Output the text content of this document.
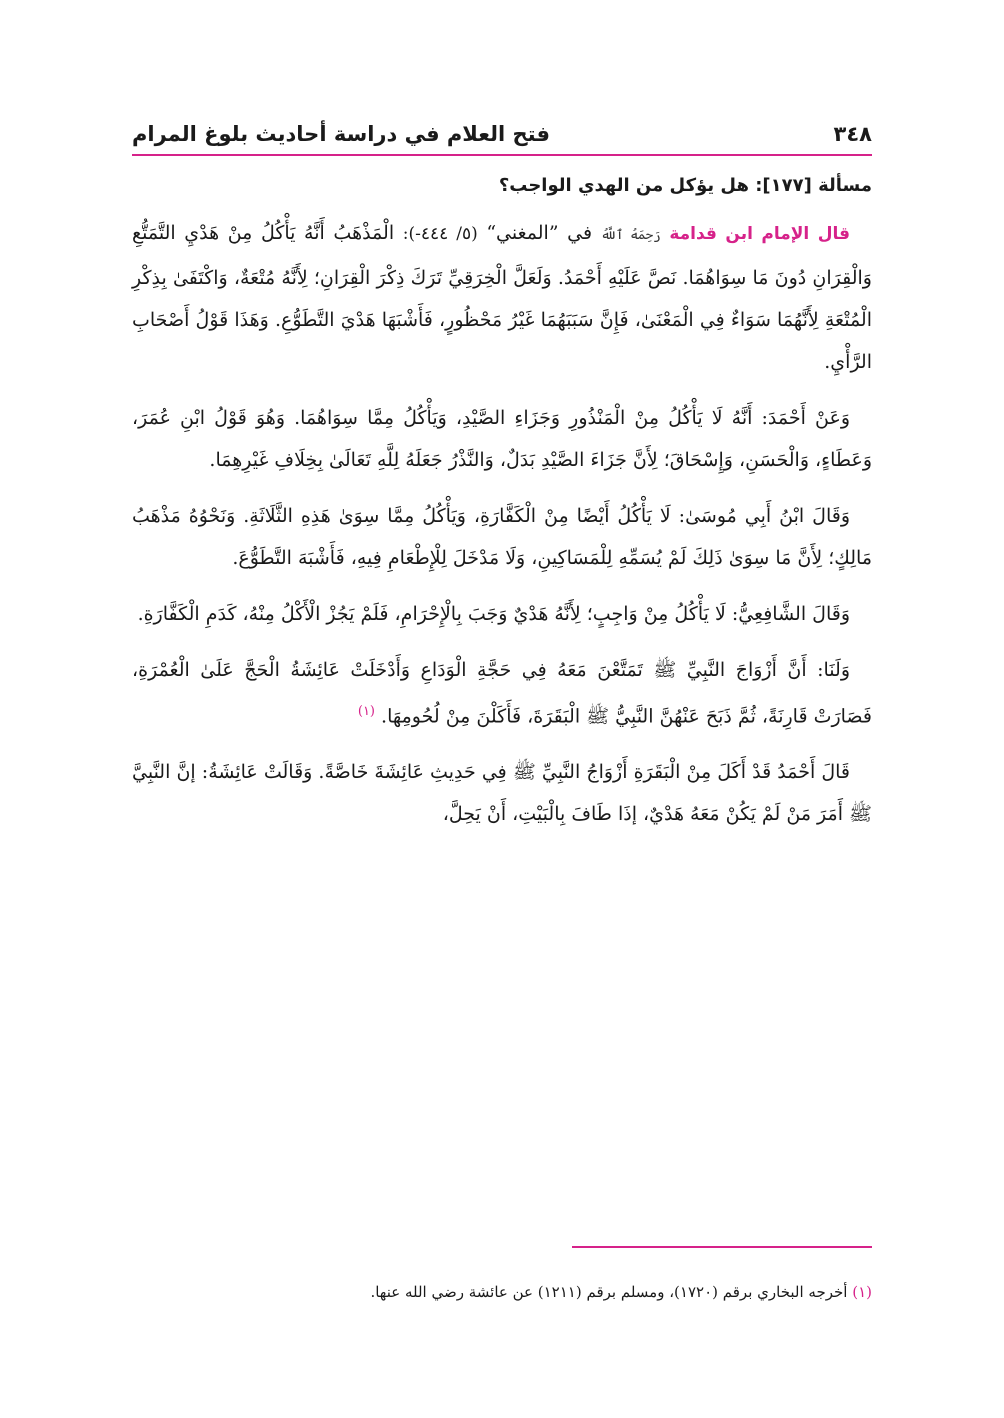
٣٤٨
فتح العلام في دراسة أحاديث بلوغ المرام
مسألة [١٧٧]: هل يؤكل من الهدي الواجب؟

قال الإمام ابن قدامة رَحِمَهُ ٱللَّهُ في ”المغني“ (٥/ ٤٤٤-): الْمَذْهَبُ أَنَّهُ يَأْكُلُ مِنْ هَدْيِ التَّمَتُّعِ وَالْقِرَانِ دُونَ مَا سِوَاهُمَا. نَصَّ عَلَيْهِ أَحْمَدُ. وَلَعَلَّ الْخِرَقِيِّ تَرَكَ ذِكْرَ الْقِرَانِ؛ لِأَنَّهُ مُتْعَةٌ، وَاكْتَفَىٰ بِذِكْرِ الْمُتْعَةِ لِأَنَّهُمَا سَوَاءٌ فِي الْمَعْنَىٰ، فَإِنَّ سَبَبَهُمَا غَيْرُ مَحْظُورٍ، فَأَشْبَهَا هَدْيَ التَّطَوُّعِ. وَهَذَا قَوْلُ أَصْحَابِ الرَّأْيِ.

وَعَنْ أَحْمَدَ: أَنَّهُ لَا يَأْكُلُ مِنْ الْمَنْذُورِ وَجَزَاءِ الصَّيْدِ، وَيَأْكُلُ مِمَّا سِوَاهُمَا. وَهُوَ قَوْلُ ابْنِ عُمَرَ، وَعَطَاءٍ، وَالْحَسَنِ، وَإِسْحَاقَ؛ لِأَنَّ جَزَاءَ الصَّيْدِ بَدَلٌ، وَالنَّذْرُ جَعَلَهُ لِلَّهِ تَعَالَىٰ بِخِلَافِ غَيْرِهِمَا.

وَقَالَ ابْنُ أَبِي مُوسَىٰ: لَا يَأْكُلُ أَيْضًا مِنْ الْكَفَّارَةِ، وَيَأْكُلُ مِمَّا سِوَىٰ هَذِهِ الثَّلَاثَةِ. وَنَحْوُهُ مَذْهَبُ مَالِكٍ؛ لِأَنَّ مَا سِوَىٰ ذَلِكَ لَمْ يُسَمِّهِ لِلْمَسَاكِينِ، وَلَا مَدْخَلَ لِلْإِطْعَامِ فِيهِ، فَأَشْبَهَ التَّطَوُّعَ.

وَقَالَ الشَّافِعِيُّ: لَا يَأْكُلُ مِنْ وَاجِبٍ؛ لِأَنَّهُ هَدْيٌ وَجَبَ بِالْإِحْرَامِ، فَلَمْ يَجُزْ الْأَكْلُ مِنْهُ، كَدَمِ الْكَفَّارَةِ.

وَلَنَا: أَنَّ أَزْوَاجَ النَّبِيِّ ﷺ تَمَتَّعْنَ مَعَهُ فِي حَجَّةِ الْوَدَاعِ وَأَدْخَلَتْ عَائِشَةُ الْحَجَّ عَلَىٰ الْعُمْرَةِ، فَصَارَتْ قَارِنَةً، ثُمَّ ذَبَحَ عَنْهُنَّ النَّبِيُّ ﷺ الْبَقَرَةَ، فَأَكَلْنَ مِنْ لُحُومِهَا. $^{(١)}$

قَالَ أَحْمَدُ قَدْ أَكَلَ مِنْ الْبَقَرَةِ أَزْوَاجُ النَّبِيِّ ﷺ فِي حَدِيثِ عَائِشَةَ خَاصَّةً. وَقَالَتْ عَائِشَةُ: إنَّ النَّبِيَّ ﷺ أَمَرَ مَنْ لَمْ يَكُنْ مَعَهُ هَدْيٌ، إذَا طَافَ بِالْبَيْتِ، أَنْ يَحِلَّ،

(١) أخرجه البخاري برقم (١٧٢٠)، ومسلم برقم (١٢١١) عن عائشة رضي الله عنها.
